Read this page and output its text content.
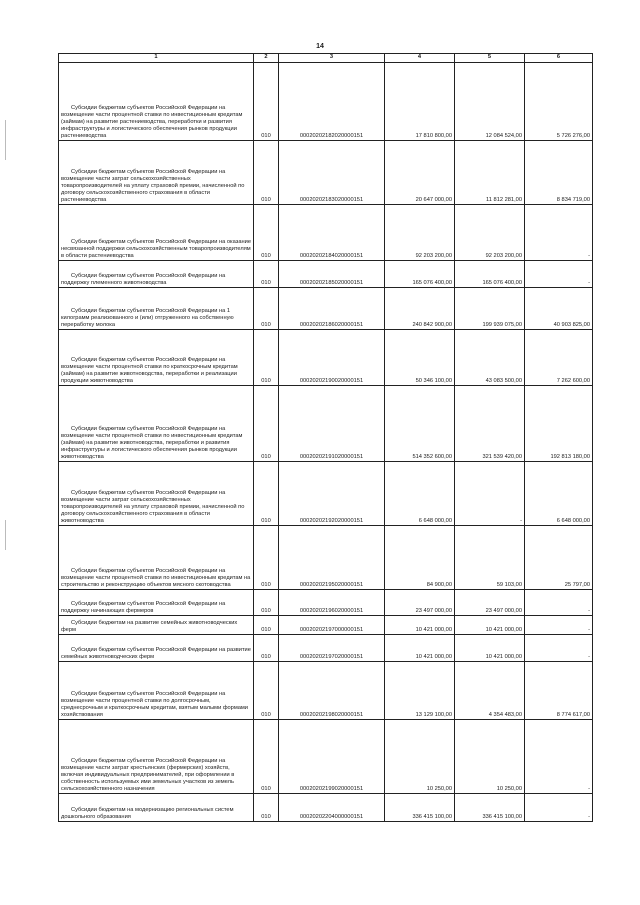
14
1	2	3	4	5	6
Субсидии бюджетам субъектов Российской Федерации на возмещение части процентной ставки по инвестиционным кредитам (займам) на развитие растениеводства, переработки и развития инфраструктуры и логистического обеспечения рынков продукции растениеводства	010	00020202182020000151	17 810 800,00	12 084 524,00	5 726 276,00
Субсидии бюджетам субъектов Российской Федерации на возмещение части затрат сельскохозяйственных товаропроизводителей на уплату страховой премии, начисленной по договору сельскохозяйственного страхования в области растениеводства	010	00020202183020000151	20 647 000,00	11 812 281,00	8 834 719,00
Субсидии бюджетам субъектов Российской Федерации на оказание несвязанной поддержки сельскохозяйственным товаропроизводителям в области растениеводства	010	00020202184020000151	92 203 200,00	92 203 200,00	-
Субсидии бюджетам субъектов Российской Федерации на поддержку племенного животноводства	010	00020202185020000151	165 076 400,00	165 076 400,00	-
Субсидии бюджетам субъектов Российской Федерации на 1 килограмм реализованного и (или) отгруженного на собственную переработку молока	010	00020202186020000151	240 842 900,00	199 939 075,00	40 903 825,00
Субсидии бюджетам субъектов Российской Федерации на возмещение части процентной ставки по краткосрочным кредитам (займам) на развитие животноводства, переработки и реализации продукции животноводства	010	00020202190020000151	50 346 100,00	43 083 500,00	7 262 600,00
Субсидии бюджетам субъектов Российской Федерации на возмещение части процентной ставки по инвестиционным кредитам (займам) на развитие животноводства, переработки и развития инфраструктуры и логистического обеспечения рынков продукции животноводства	010	00020202191020000151	514 352 600,00	321 539 420,00	192 813 180,00
Субсидии бюджетам субъектов Российской Федерации на возмещение части затрат сельскохозяйственных товаропроизводителей на уплату страховой премии, начисленной по договору сельскохозяйственного страхования в области животноводства	010	00020202192020000151	6 648 000,00	-	6 648 000,00
Субсидии бюджетам субъектов Российской Федерации на возмещение части процентной ставки по инвестиционным кредитам на строительство и реконструкцию объектов мясного скотоводства	010	00020202195020000151	84 900,00	59 103,00	25 797,00
Субсидии бюджетам субъектов Российской Федерации на поддержку начинающих фермеров	010	00020202196020000151	23 497 000,00	23 497 000,00	-
Субсидии бюджетам на развитие семейных животноводческих ферм	010	00020202197000000151	10 421 000,00	10 421 000,00	-
Субсидии бюджетам субъектов Российской Федерации на развитие семейных животноводческих ферм	010	00020202197020000151	10 421 000,00	10 421 000,00	-
Субсидии бюджетам субъектов Российской Федерации на возмещение части процентной ставки по долгосрочным, среднесрочным и краткосрочным кредитам, взятым малыми формами хозяйствования	010	00020202198020000151	13 129 100,00	4 354 483,00	8 774 617,00
Субсидии бюджетам субъектов Российской Федерации на возмещение части затрат крестьянских (фермерских) хозяйств, включая индивидуальных предпринимателей, при оформлении в собственность используемых ими земельных участков из земель сельскохозяйственного назначения	010	00020202199020000151	10 250,00	10 250,00	-
Субсидии бюджетам на модернизацию региональных систем дошкольного образования	010	00020202204000000151	336 415 100,00	336 415 100,00	-
